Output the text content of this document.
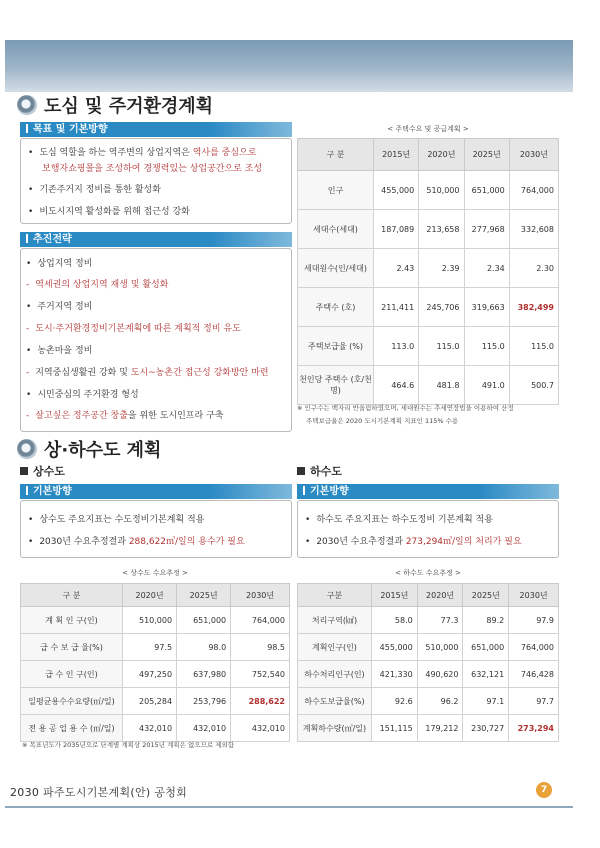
도심 및 주거환경계획
목표 및 기본방향
• 도심 역할을 하는 역주변의 상업지역은 역사를 중심으로
보행자쇼핑몰을 조성하여 경쟁력있는 상업공간으로 조성
• 기존주거지 정비를 통한 활성화
• 비도시지역 활성화를 위해 접근성 강화
추진전략
• 상업지역 정비
- 역세권의 상업지역 재생 및 활성화
• 주거지역 정비
- 도시·주거환경정비기본계획에 따른 계획적 정비 유도
• 농촌마을 정비
- 지역중심생활권 강화 및 도시~농촌간 접근성 강화방안 마련
• 시민중심의 주거환경 형성
- 살고싶은 정주공간 창출을 위한 도시인프라 구축
< 주택수요 및 공급계획 >
구 분	2015년	2020년	2025년	2030년
인구	455,000	510,000	651,000	764,000
세대수(세대)	187,089	213,658	277,968	332,608
세대원수(인/세대)	2.43	2.39	2.34	2.30
주택수 (호)	211,411	245,706	319,663	382,499
주택보급율 (%)	113.0	115.0	115.0	115.0
천인당 주택수 (호/천명)	464.6	481.8	491.0	500.7
※ 인구수는 백자리 반올림하였으며, 세대원수는 추세연장법을 이용하여 산정
주택보급율은 2020 도시기본계획 지표인 115% 수용
상·하수도 계획
상수도
기본방향
• 상수도 주요지표는 수도정비기본계획 적용
• 2030년 수요추정결과 288,622㎥/일의 용수가 필요
< 상수도 수요추정 >
구 분	2020년	2025년	2030년
계 획 인 구(인)	510,000	651,000	764,000
급 수 보 급 율(%)	97.5	98.0	98.5
급 수 인 구(인)	497,250	637,980	752,540
일평균용수수요량(㎥/일)	205,284	253,796	288,622
전 용 공 업 용 수 (㎥/일)	432,010	432,010	432,010
※ 목표년도가 2035년으로 단계별 계획상 2015년 계획은 없으므로 제외함
하수도
기본방향
• 하수도 주요지표는 하수도정비 기본계획 적용
• 2030년 수요추정결과 273,294㎥/일의 처리가 필요
< 하수도 수요추정 >
구분	2015년	2020년	2025년	2030년
처리구역(㎢)	58.0	77.3	89.2	97.9
계획인구(인)	455,000	510,000	651,000	764,000
하수처리인구(인)	421,330	490,620	632,121	746,428
하수도보급율(%)	92.6	96.2	97.1	97.7
계획하수량(㎥/일)	151,115	179,212	230,727	273,294
2030 파주도시기본계획(안) 공청회	7
